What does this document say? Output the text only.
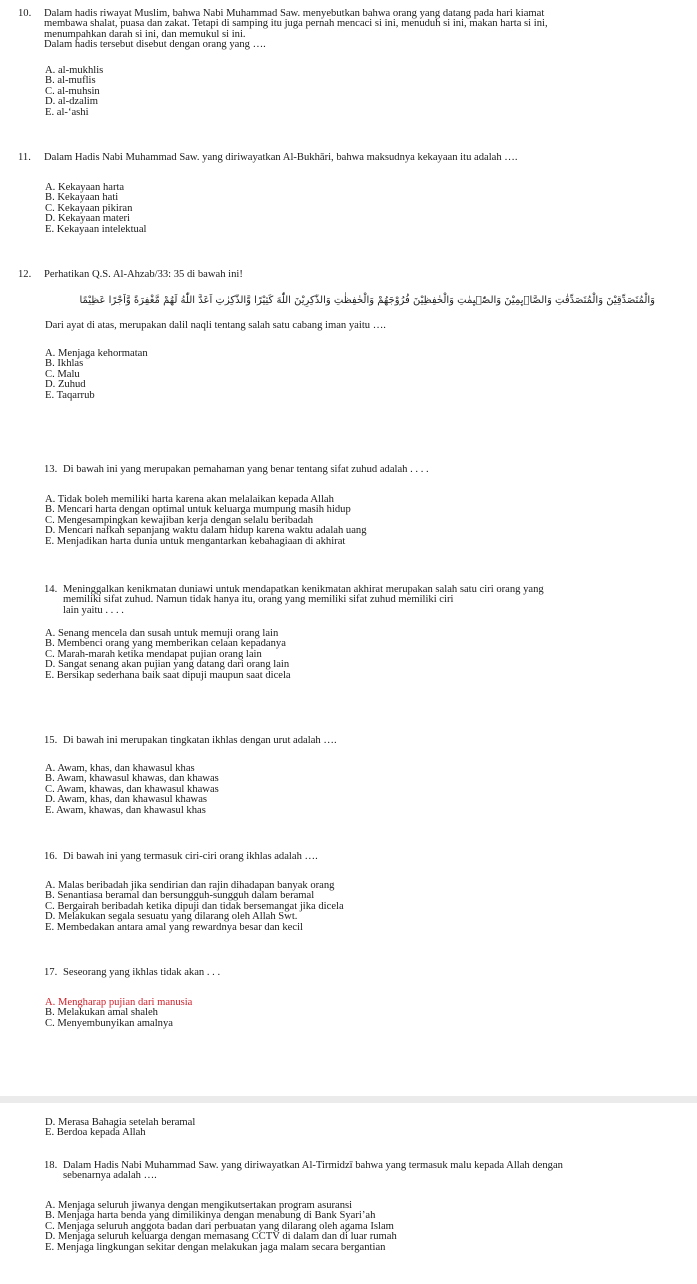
10.	Dalam hadis riwayat Muslim, bahwa Nabi Muhammad Saw. menyebutkan bahwa orang yang datang pada hari kiamat

membawa shalat, puasa dan zakat. Tetapi di samping itu juga pernah mencaci si ini, menuduh si ini, makan harta si ini,

menumpahkan darah si ini, dan memukul si ini.

Dalam hadis tersebut disebut dengan orang yang ….

A. al-mukhlis
B. al-muflis
C. al-muhsin
D. al-dzalim
E. al-‘ashi
11.	Dalam Hadis Nabi Muhammad Saw. yang diriwayatkan Al-Bukhāri, bahwa maksudnya kekayaan itu adalah ….

A. Kekayaan harta
B. Kekayaan hati
C. Kekayaan pikiran
D. Kekayaan materi
E. Kekayaan intelektual
12.	Perhatikan Q.S. Al-Ahzab/33: 35 di bawah ini!

وَالْمُتَصَدِّقِيْنَ وَالْمُتَصَدِّقٰتِ وَالصَّاۤىِٕمِيْنَ وَالصّٰۤىِٕمٰتِ وَالْحٰفِظِيْنَ فُرُوْجَهُمْ وَالْحٰفِظٰتِ وَالذّٰكِرِيْنَ اللّٰهَ كَثِيْرًا وَّالذّٰكِرٰتِ اَعَدَّ اللّٰهُ لَهُمْ مَّغْفِرَةً وَّاَجْرًا عَظِيْمًا
Dari ayat di atas, merupakan dalil naqli tentang salah satu cabang iman yaitu ….
A. Menjaga kehormatan
B. Ikhlas
C. Malu
D. Zuhud
E. Taqarrub
13. Di bawah ini yang merupakan pemahaman yang benar tentang sifat zuhud adalah . . . .

A. Tidak boleh memiliki harta karena akan melalaikan kepada Allah
B. Mencari harta dengan optimal untuk keluarga mumpung masih hidup
C. Mengesampingkan kewajiban kerja dengan selalu beribadah
D. Mencari nafkah sepanjang waktu dalam hidup karena waktu adalah uang
E. Menjadikan harta dunia untuk mengantarkan kebahagiaan di akhirat
14. Meninggalkan kenikmatan duniawi untuk mendapatkan kenikmatan akhirat merupakan salah satu ciri orang yang

memiliki sifat zuhud. Namun tidak hanya itu, orang yang memiliki sifat zuhud memiliki ciri

lain yaitu . . . .

A. Senang mencela dan susah untuk memuji orang lain
B. Membenci orang yang memberikan celaan kepadanya
C. Marah-marah ketika mendapat pujian orang lain
D. Sangat senang akan pujian yang datang dari orang lain
E. Bersikap sederhana baik saat dipuji maupun saat dicela
15. Di bawah ini merupakan tingkatan ikhlas dengan urut adalah ….

A. Awam, khas, dan khawasul khas
B. Awam, khawasul khawas, dan khawas
C. Awam, khawas, dan khawasul khawas
D. Awam, khas, dan khawasul khawas
E. Awam, khawas, dan khawasul khas
16. Di bawah ini yang termasuk ciri-ciri orang ikhlas adalah ….

A. Malas beribadah jika sendirian dan rajin dihadapan banyak orang
B. Senantiasa beramal dan bersungguh-sungguh dalam beramal
C. Bergairah beribadah ketika dipuji dan tidak bersemangat jika dicela
D. Melakukan segala sesuatu yang dilarang oleh Allah Swt.
E. Membedakan antara amal yang rewardnya besar dan kecil
17. Seseorang yang ikhlas tidak akan . . .

A. Mengharap pujian dari manusia
B. Melakukan amal shaleh
C. Menyembunyikan amalnya
D. Merasa Bahagia setelah beramal
E. Berdoa kepada Allah
18. Dalam Hadis Nabi Muhammad Saw. yang diriwayatkan Al-Tirmidzī bahwa yang termasuk malu kepada Allah dengan

sebenarnya adalah ….

A. Menjaga seluruh jiwanya dengan mengikutsertakan program asuransi
B. Menjaga harta benda yang dimilikinya dengan menabung di Bank Syari’ah
C. Menjaga seluruh anggota badan dari perbuatan yang dilarang oleh agama Islam
D. Menjaga seluruh keluarga dengan memasang CCTV di dalam dan di luar rumah
E. Menjaga lingkungan sekitar dengan melakukan jaga malam secara bergantian
